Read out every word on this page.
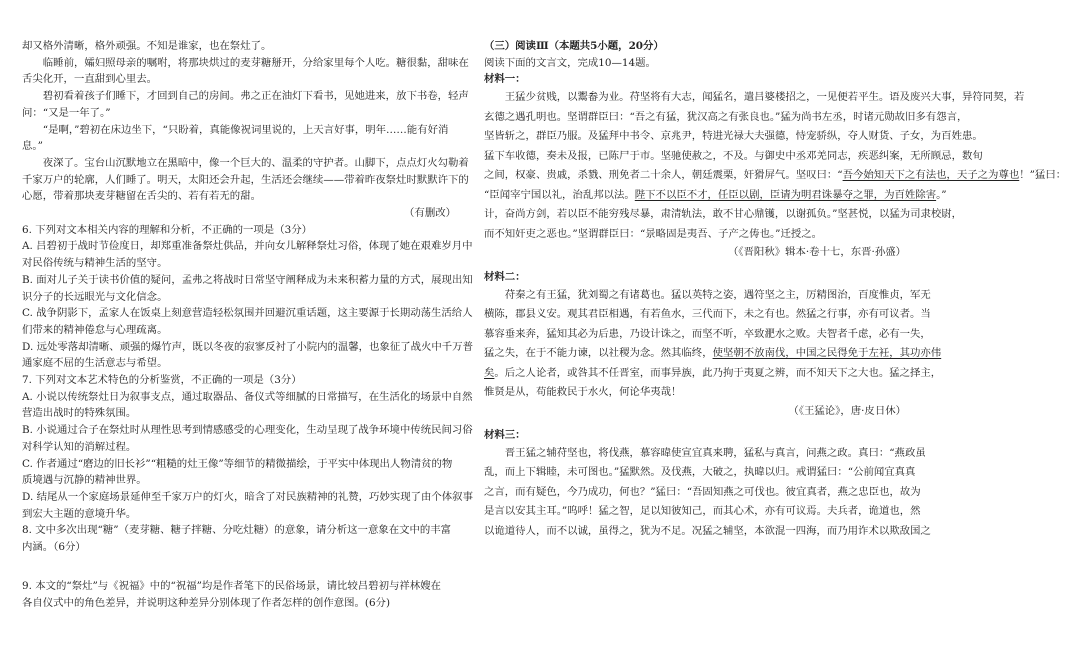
却又格外清晰，格外顽强。不知是谁家，也在祭灶了。
临睡前，孀妇照母亲的嘱咐，将那块烘过的麦芽糖掰开，分给家里每个人吃。糖很黏，甜味在
舌尖化开，一直甜到心里去。
碧初看着孩子们睡下，才回到自己的房间。弗之正在油灯下看书，见她进来，放下书卷，轻声
问：“又是一年了。”
“是啊，”碧初在床边坐下，“只盼着，真能像祝词里说的，上天言好事，明年……能有好消
息。”
夜深了。宝台山沉默地立在黑暗中，像一个巨大的、温柔的守护者。山脚下，点点灯火勾勒着
千家万户的轮廓，人们睡了。明天，太阳还会升起，生活还会继续——带着昨夜祭灶时默默许下的
心愿，带着那块麦芽糖留在舌尖的、若有若无的甜。
（有删改）
6. 下列对文本相关内容的理解和分析，不正确的一项是（3分）
A. 吕碧初于战时节俭度日，却郑重准备祭灶供品，并向女儿解释祭灶习俗，体现了她在艰难岁月中
对民俗传统与精神生活的坚守。
B. 面对儿子关于读书价值的疑问，孟弗之将战时日常坚守阐释成为未来积蓄力量的方式，展现出知
识分子的长远眼光与文化信念。
C. 战争阴影下，孟家人在饭桌上刻意营造轻松氛围并回避沉重话题，这主要源于长期动荡生活给人
们带来的精神倦怠与心理疏离。
D. 远处零落却清晰、顽强的爆竹声，既以冬夜的寂寥反衬了小院内的温馨，也象征了战火中千万普
通家庭不屈的生活意志与希望。
7. 下列对文本艺术特色的分析鉴赏，不正确的一项是（3分）
A. 小说以传统祭灶日为叙事支点，通过取器品、备仪式等细腻的日常描写，在生活化的场景中自然
营造出战时的特殊氛围。
B. 小说通过合子在祭灶时从理性思考到情感感受的心理变化，生动呈现了战争环境中传统民间习俗
对科学认知的消解过程。
C. 作者通过“磨边的旧长衫”“粗糙的灶王像”等细节的精微描绘，于平实中体现出人物清贫的物
质境遇与沉静的精神世界。
D. 结尾从一个家庭场景延伸至千家万户的灯火，暗含了对民族精神的礼赞，巧妙实现了由个体叙事
到宏大主题的意境升华。
8. 文中多次出现“糖”（麦芽糖、糖子拌糖、分吃灶糖）的意象，请分析这一意象在文中的丰富
内涵。（6分）
9. 本文的“祭灶”与《祝福》中的“祝福”均是作者笔下的民俗场景，请比较吕碧初与祥林嫂在
各自仪式中的角色差异，并说明这种差异分别体现了作者怎样的创作意图。(6分)
（三）阅读Ⅲ（本题共5小题，20分）
阅读下面的文言文，完成10—14题。
材料一：
王猛少贫贱，以鬻畚为业。苻坚将有大志，闻猛名，遣吕婆楼招之，一见便若平生。语及废兴大事，异符同契，若
玄德之遇孔明也。坚谓群臣曰：“吾之有猛，犹汉高之有张良也。”猛为尚书左丞，时诸元勋故旧多有怨言，
坚皆斩之，群臣乃服。及猛拜中书令、京兆尹，特进光禄大夫强德，恃宠骄纵，夺人财货、子女，为百姓患。
猛下车收德，奏未及报，已陈尸于市。坚驰使赦之，不及。与御史中丞邓羌同志，疾恶纠案，无所顾忌，数旬
之间，权豪、贵戚，杀戮、刑免者二十余人，朝廷震栗，奸猾屏气。坚叹曰：“吾今始知天下之有法也，天子之为尊也！”猛曰：
“臣闻宰宁国以礼，治乱邦以法。陛下不以臣不才，任臣以剧，臣请为明君诛暴夺之罪，为百姓除害。”
计，奋尚方剑，若以臣不能穷残尽暴，肃清轨法，敢不甘心鼎镬，以谢孤负。”坚甚悦，以猛为司隶校尉，
而不知奸吏之恶也。”坚谓群臣曰：“景略固是夷吾、子产之俦也。”迁授之。
（《晋阳秋》辑本·卷十七，东晋·孙盛）
材料二：
苻秦之有王猛，犹刘蜀之有诸葛也。猛以英特之姿，遇符坚之主，厉精图治，百度惟贞，军无
横陈，郡县义安。观其君臣相遇，有若鱼水，三代而下，未之有也。然猛之行事，亦有可议者。当
慕容垂来奔，猛知其必为后患，乃设计诛之，而坚不听，卒致淝水之败。夫智者千虑，必有一失，
猛之失，在于不能力谏，以社稷为念。然其临终，使坚朝不放南伐，中国之民得免于左衽，其功亦伟
矣。后之人论者，或咎其不任晋室，而事异族，此乃拘于夷夏之辨，而不知天下之大也。猛之择主，
惟贤是从，苟能救民于水火，何论华夷哉！
（《王猛论》，唐·皮日休）
材料三：
晋王猛之辅苻坚也，将伐燕，慕容暐使宣宜真来聘，猛私与真言，问燕之政。真曰：“燕政虽
乱，而上下辑睦，未可图也。”猛默然。及伐燕，大破之，执暐以归。戒谓猛曰：“公前闻宜真真
之言，而有疑色，今乃成功，何也？”猛曰：“吾固知燕之可伐也。彼宜真者，燕之忠臣也，故为
是言以安其主耳。”呜呼！猛之智，足以知彼知己，而其心术，亦有可议焉。夫兵者，诡道也，然
以诡道待人，而不以诚，虽得之，犹为不足。况猛之辅坚，本欲混一四海，而乃用诈术以欺敌国之
